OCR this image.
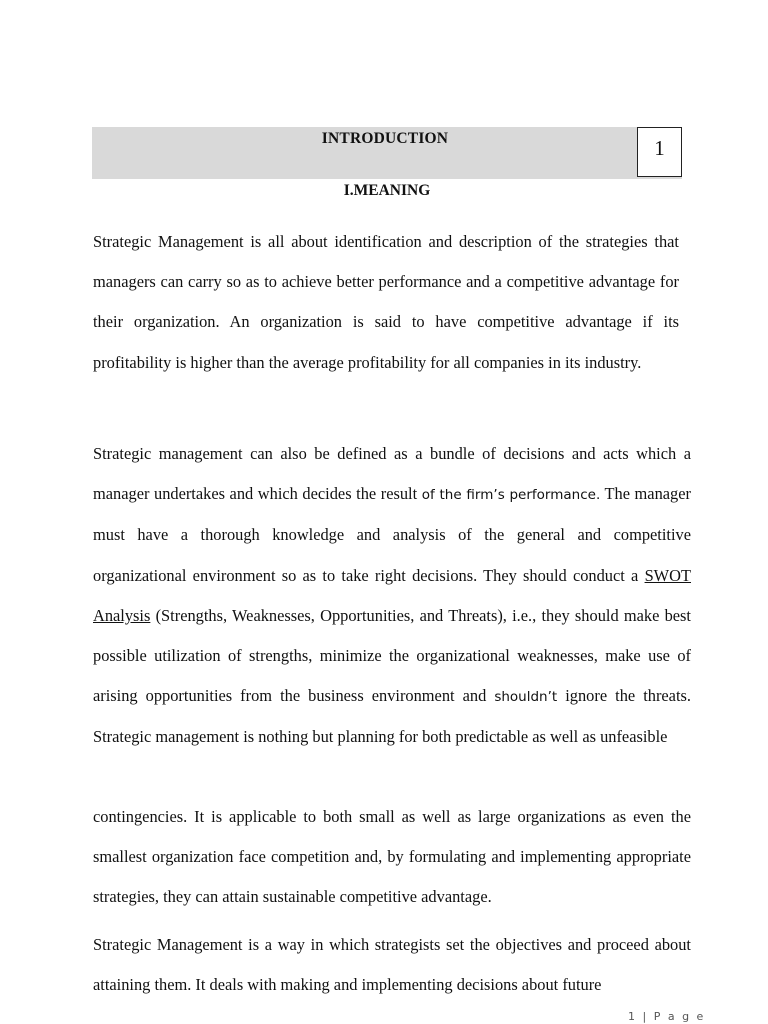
INTRODUCTION	1
I.MEANING

Strategic Management is all about identification and description of the strategies that managers can carry so as to achieve better performance and a competitive advantage for their organization. An organization is said to have competitive advantage if its profitability is higher than the average profitability for all companies in its industry.

Strategic management can also be defined as a bundle of decisions and acts which a manager undertakes and which decides the result of the firm’s performance. The manager must have a thorough knowledge and analysis of the general and competitive organizational environment so as to take right decisions. They should conduct a SWOT Analysis (Strengths, Weaknesses, Opportunities, and Threats), i.e., they should make best possible utilization of strengths, minimize the organizational weaknesses, make use of arising opportunities from the business environment and shouldn’t ignore the threats. Strategic management is nothing but planning for both predictable as well as unfeasible

contingencies. It is applicable to both small as well as large organizations as even the smallest organization face competition and, by formulating and implementing appropriate strategies, they can attain sustainable competitive advantage.

Strategic Management is a way in which strategists set the objectives and proceed about attaining them. It deals with making and implementing decisions about future

1 | P a g e
